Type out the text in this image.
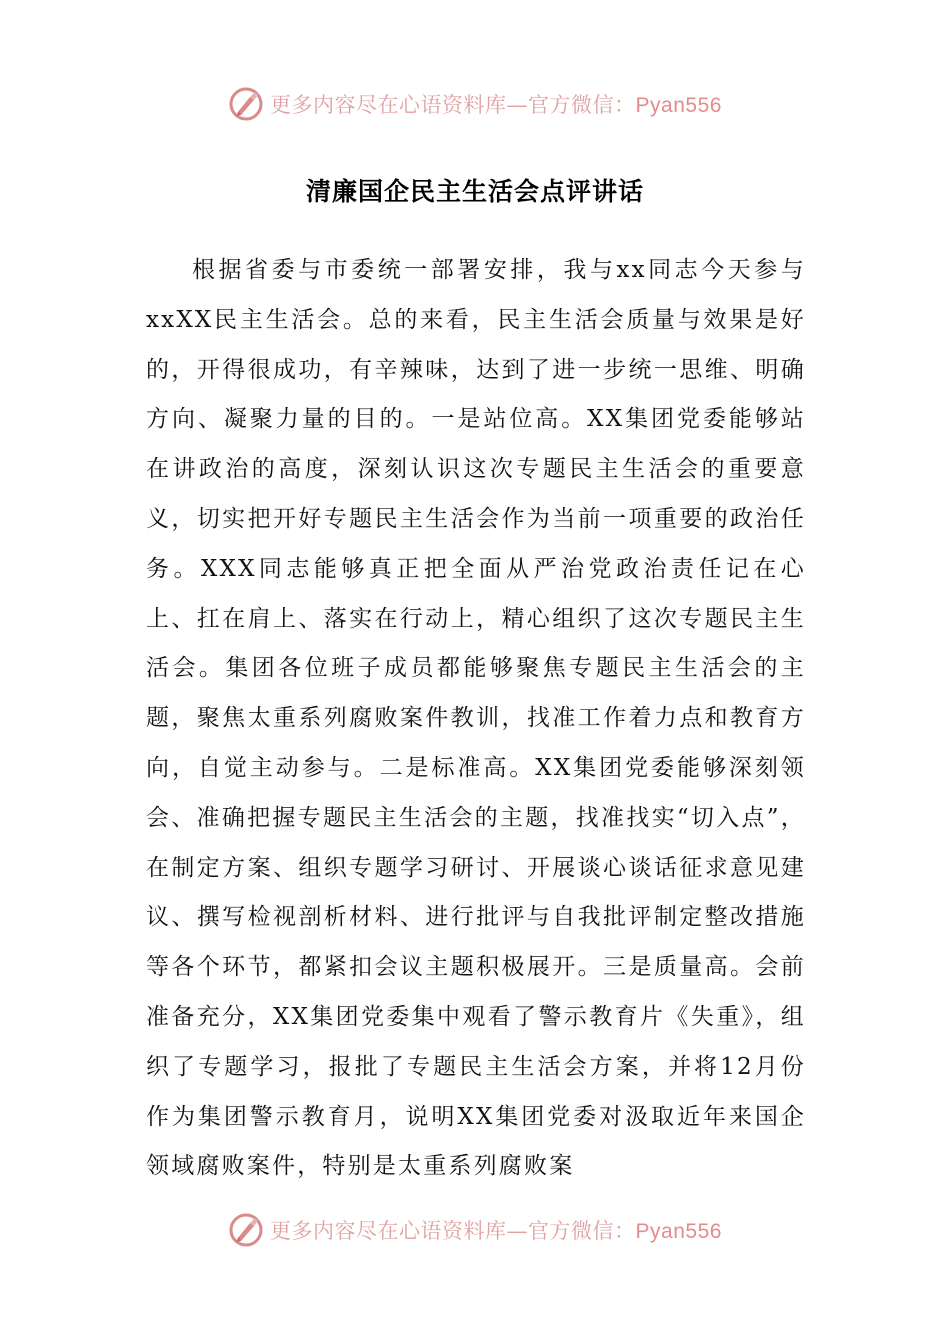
更多内容尽在心语资料库—官方微信：Pyan556
清廉国企民主生活会点评讲话

根据省委与市委统一部署安排，我与xx同志今天参与xxXX民主生活会。总的来看，民主生活会质量与效果是好的，开得很成功，有辛辣味，达到了进一步统一思维、明确方向、凝聚力量的目的。一是站位高。XX集团党委能够站在讲政治的高度，深刻认识这次专题民主生活会的重要意义，切实把开好专题民主生活会作为当前一项重要的政治任务。XXX同志能够真正把全面从严治党政治责任记在心上、扛在肩上、落实在行动上，精心组织了这次专题民主生活会。集团各位班子成员都能够聚焦专题民主生活会的主题，聚焦太重系列腐败案件教训，找准工作着力点和教育方向，自觉主动参与。二是标准高。XX集团党委能够深刻领会、准确把握专题民主生活会的主题，找准找实“切入点”，在制定方案、组织专题学习研讨、开展谈心谈话征求意见建议、撰写检视剖析材料、进行批评与自我批评制定整改措施等各个环节，都紧扣会议主题积极展开。三是质量高。会前准备充分，XX集团党委集中观看了警示教育片《失重》，组织了专题学习，报批了专题民主生活会方案，并将12月份作为集团警示教育月，说明XX集团党委对汲取近年来国企领域腐败案件，特别是太重系列腐败案

更多内容尽在心语资料库—官方微信：Pyan556
